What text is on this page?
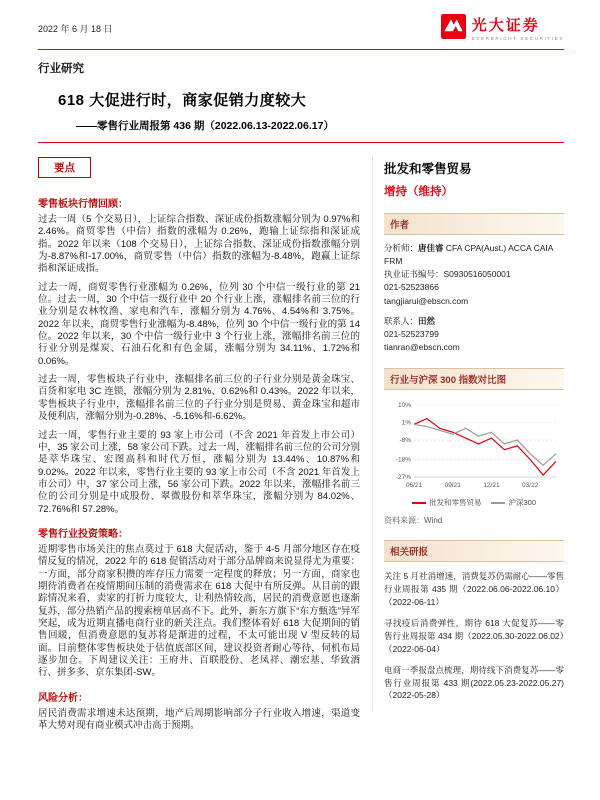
2022 年 6 月 18 日	光大证券
EVERBRIGHT SECURITIES
行业研究
618 大促进行时，商家促销力度较大
——零售行业周报第 436 期（2022.06.13-2022.06.17）
要点
零售板块行情回顾：

过去一周（5 个交易日），上证综合指数、深证成份指数涨幅分别为 0.97%和 2.46%。商贸零售（中信）指数的涨幅为 0.26%，跑输上证综指和深证成指。2022 年以来（108 个交易日），上证综合指数、深证成份指数涨幅分别为-8.87%和-17.00%，商贸零售（中信）指数的涨幅为-8.48%，跑赢上证综指和深证成指。

过去一周，商贸零售行业涨幅为 0.26%，位列 30 个中信一级行业的第 21 位。过去一周，30 个中信一级行业中 20 个行业上涨，涨幅排名前三位的行业分别是农林牧渔、家电和汽车，涨幅分别为 4.76%、4.54%和 3.75%。2022 年以来，商贸零售行业涨幅为-8.48%，位列 30 个中信一级行业的第 14 位。2022 年以来，30 个中信一级行业中 3 个行业上涨，涨幅排名前三位的行业分别是煤炭、石油石化和有色金属，涨幅分别为 34.11%、1.72%和 0.06%。

过去一周，零售板块子行业中，涨幅排名前三位的子行业分别是黄金珠宝、百货和家电 3C 连锁，涨幅分别为 2.81%、0.62%和 0.43%。2022 年以来，零售板块子行业中，涨幅排名前三位的子行业分别是贸易、黄金珠宝和超市及便利店，涨幅分别为-0.28%、-5.16%和-6.62%。

过去一周，零售行业主要的 93 家上市公司（不含 2021 年首发上市公司）中，35 家公司上涨，58 家公司下跌。过去一周，涨幅排名前三位的公司分别是萃华珠宝、宏图高科和时代万恒，涨幅分别为 13.44%、10.87%和 9.02%。2022 年以来，零售行业主要的 93 家上市公司（不含 2021 年首发上市公司）中，37 家公司上涨，56 家公司下跌。2022 年以来，涨幅排名前三位的公司分别是中成股份、翠微股份和萃华珠宝，涨幅分别为 84.02%、72.76%和 57.28%。

零售行业投资策略：

近期零售市场关注的焦点莫过于 618 大促活动，鉴于 4-5 月部分地区存在疫情反复的情况，2022 年的 618 促销活动对于部分品牌商来说显得尤为重要：一方面，部分商家积攒的库存压力需要一定程度的释放；另一方面，商家也期待消费者在疫情期间压制的消费需求在 618 大促中有所反弹。从目前的跟踪情况来看，卖家的打折力度较大，让利热情较高，居民的消费意愿也逐渐复苏，部分热销产品的搜索榜单居高不下。此外，新东方旗下“东方甄选”异军突起，成为近期直播电商行业的新关注点。我们整体看好 618 大促期间的销售回暖，但消费意愿的复苏将是渐进的过程，不太可能出现 V 型反转的局面。目前整体零售板块处于估值底部区间，建议投资者耐心等待，伺机布局逐步加仓。下周建议关注：王府井、百联股份、老凤祥、潮宏基、华致酒行、拼多多、京东集团-SW。

风险分析：

居民消费需求增速未达预期，地产后周期影响部分子行业收入增速，渠道变革大势对现有商业模式冲击高于预期。

批发和零售贸易
增持（维持）
作者
分析师：唐佳睿 CFA CPA(Aust.) ACCA CAIA FRM
执业证书编号：S0930516050001
021-52523866
tangjiarui@ebscn.com
联系人：田然
021-52523799
tianran@ebscn.com
行业与沪深 300 指数对比图
10%
1%
-8%
-18%
-27%
06/21	09/21	12/21	03/22
批发和零售贸易	沪深300
资料来源：Wind
相关研报

关注 5 月社消增速，消费复苏仍需耐心——零售行业周报第 435 期（2022.06.06-2022.06.10）（2022-06-11）

寻找疫后消费弹性，期待 618 大促复苏——零售行业周报第 434 期（2022.05.30-2022.06.02）（2022-06-04）

电商一季报盘点梳理，期待线下消费复苏——零售行业周报第 433 期(2022.05.23-2022.05.27)（2022-05-28）
